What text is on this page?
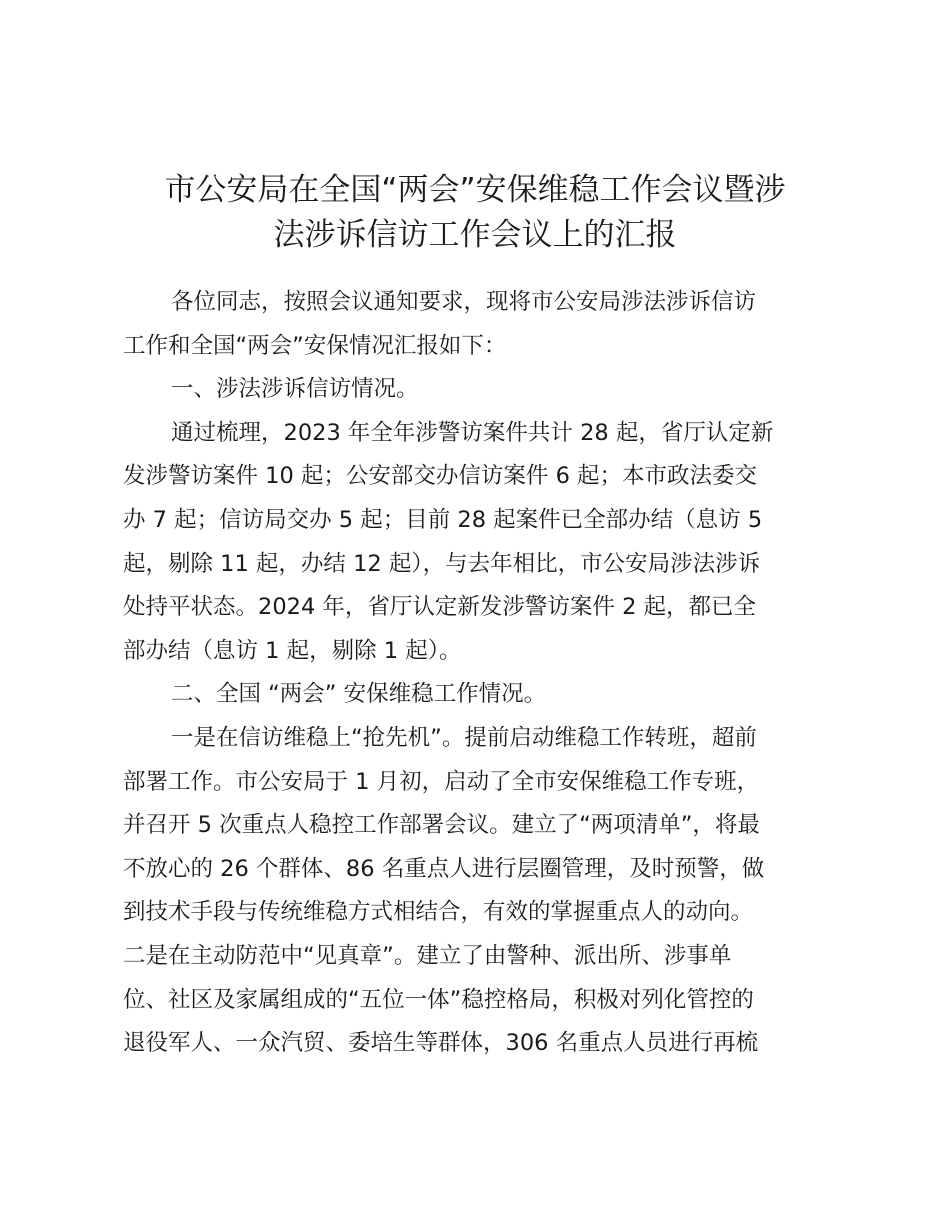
市公安局在全国“两会”安保维稳工作会议暨涉
法涉诉信访工作会议上的汇报
各位同志，按照会议通知要求，现将市公安局涉法涉诉信访
工作和全国“两会”安保情况汇报如下：
一、涉法涉诉信访情况。
通过梳理，2023 年全年涉警访案件共计 28 起，省厅认定新
发涉警访案件 10 起；公安部交办信访案件 6 起；本市政法委交
办 7 起；信访局交办 5 起；目前 28 起案件已全部办结（息访 5
起，剔除 11 起，办结 12 起），与去年相比，市公安局涉法涉诉
处持平状态。2024 年，省厅认定新发涉警访案件 2 起，都已全
部办结（息访 1 起，剔除 1 起）。
二、全国 “两会” 安保维稳工作情况。
一是在信访维稳上“抢先机”。提前启动维稳工作转班，超前
部署工作。市公安局于 1 月初，启动了全市安保维稳工作专班，
并召开 5 次重点人稳控工作部署会议。建立了“两项清单”，将最
不放心的 26 个群体、86 名重点人进行层圈管理，及时预警，做
到技术手段与传统维稳方式相结合，有效的掌握重点人的动向。
二是在主动防范中“见真章”。建立了由警种、派出所、涉事单
位、社区及家属组成的“五位一体”稳控格局，积极对列化管控的
退役军人、一众汽贸、委培生等群体，306 名重点人员进行再梳
